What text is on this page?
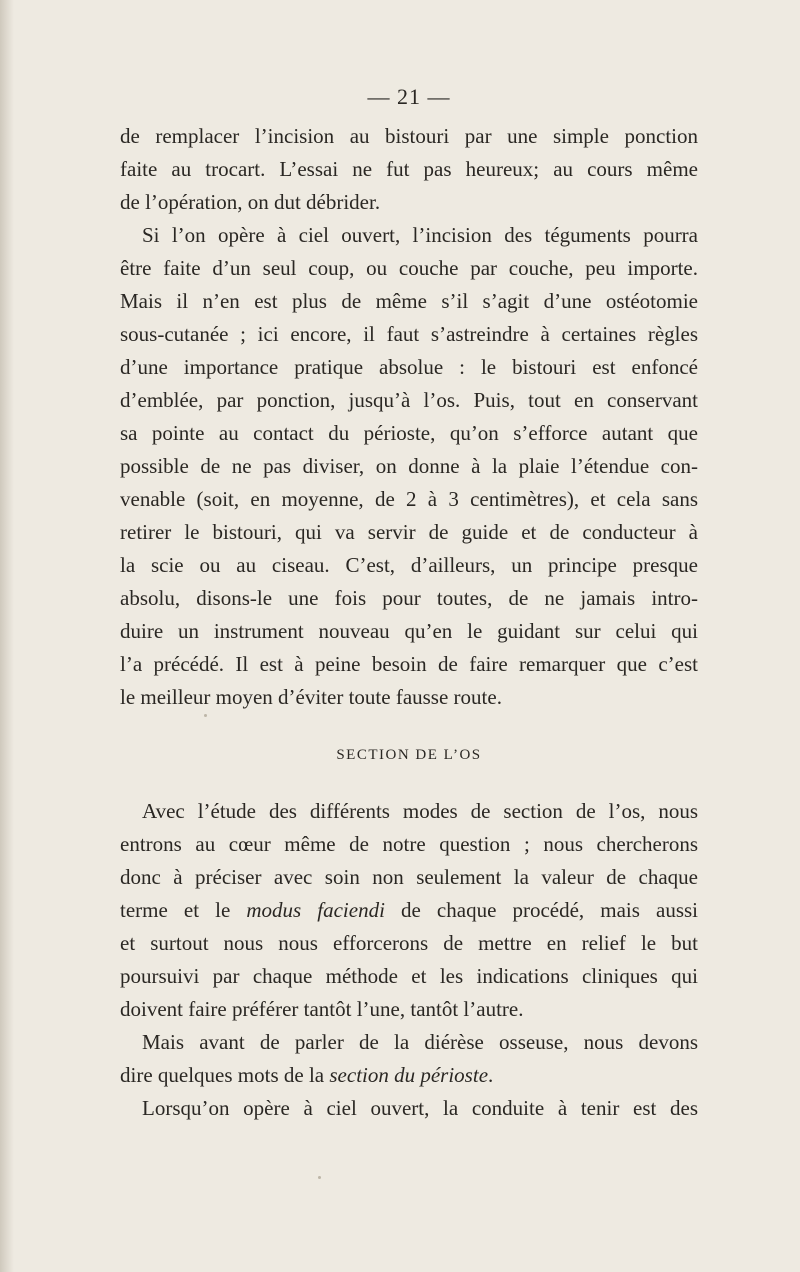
— 21 —
de remplacer l’incision au bistouri par une simple ponction
faite au trocart. L’essai ne fut pas heureux; au cours même
de l’opération, on dut débrider.
Si l’on opère à ciel ouvert, l’incision des téguments pourra
être faite d’un seul coup, ou couche par couche, peu importe.
Mais il n’en est plus de même s’il s’agit d’une ostéotomie
sous-cutanée ; ici encore, il faut s’astreindre à certaines règles
d’une importance pratique absolue : le bistouri est enfoncé
d’emblée, par ponction, jusqu’à l’os. Puis, tout en conservant
sa pointe au contact du périoste, qu’on s’efforce autant que
possible de ne pas diviser, on donne à la plaie l’étendue con-
venable (soit, en moyenne, de 2 à 3 centimètres), et cela sans
retirer le bistouri, qui va servir de guide et de conducteur à
la scie ou au ciseau. C’est, d’ailleurs, un principe presque
absolu, disons-le une fois pour toutes, de ne jamais intro-
duire un instrument nouveau qu’en le guidant sur celui qui
l’a précédé. Il est à peine besoin de faire remarquer que c’est
le meilleur moyen d’éviter toute fausse route.
SECTION DE L’OS
Avec l’étude des différents modes de section de l’os, nous
entrons au cœur même de notre question ; nous chercherons
donc à préciser avec soin non seulement la valeur de chaque
terme et le modus faciendi de chaque procédé, mais aussi
et surtout nous nous efforcerons de mettre en relief le but
poursuivi par chaque méthode et les indications cliniques qui
doivent faire préférer tantôt l’une, tantôt l’autre.
Mais avant de parler de la diérèse osseuse, nous devons
dire quelques mots de la section du périoste.
Lorsqu’on opère à ciel ouvert, la conduite à tenir est des
